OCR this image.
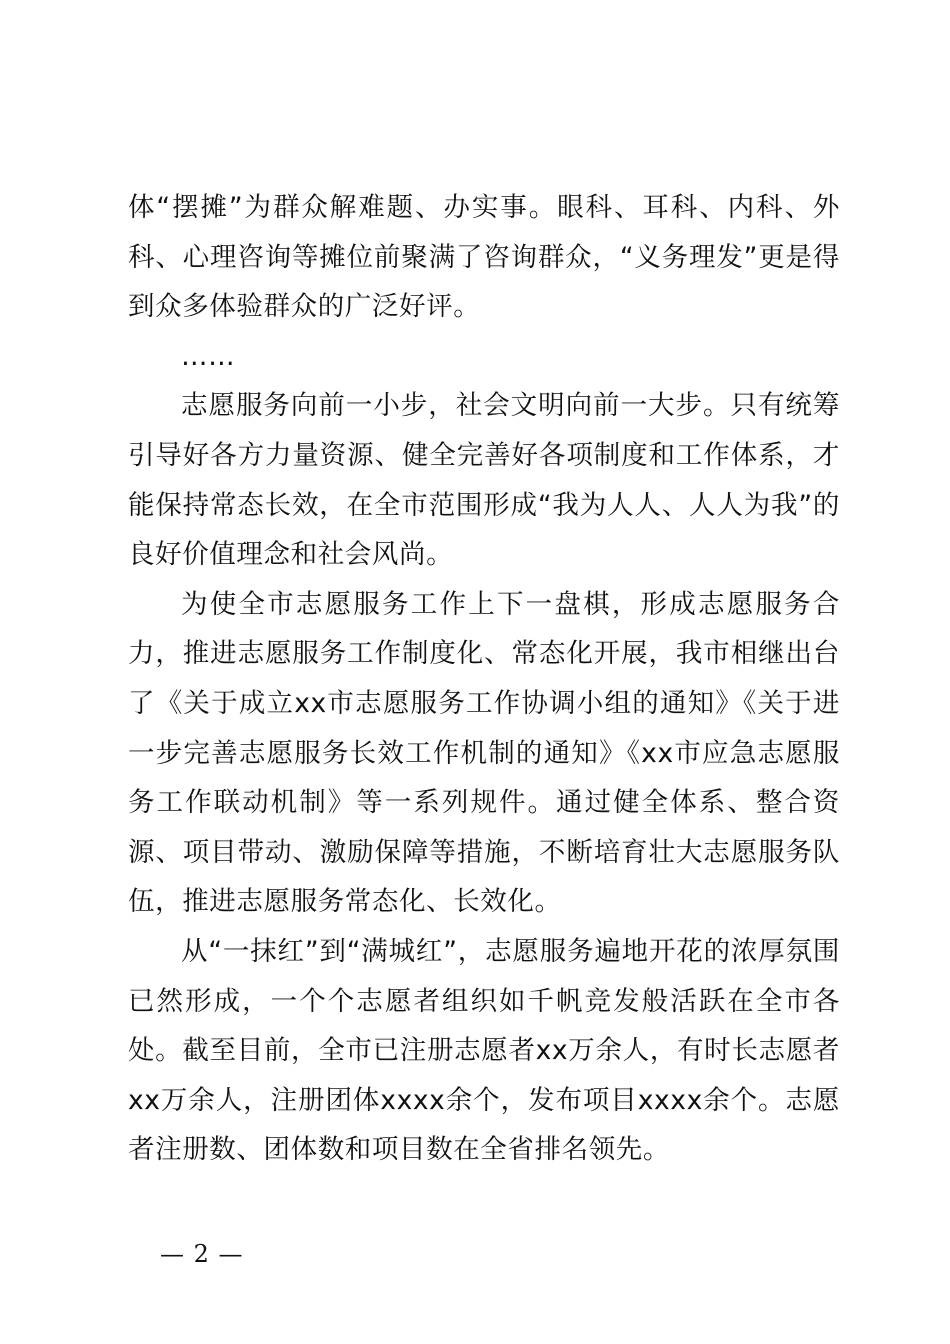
体“摆摊”为群众解难题、办实事。眼科、耳科、内科、外科、心理咨询等摊位前聚满了咨询群众，“义务理发”更是得到众多体验群众的广泛好评。

……

志愿服务向前一小步，社会文明向前一大步。只有统筹引导好各方力量资源、健全完善好各项制度和工作体系，才能保持常态长效，在全市范围形成“我为人人、人人为我”的良好价值理念和社会风尚。

为使全市志愿服务工作上下一盘棋，形成志愿服务合力，推进志愿服务工作制度化、常态化开展，我市相继出台了《关于成立xx市志愿服务工作协调小组的通知》《关于进一步完善志愿服务长效工作机制的通知》《xx市应急志愿服务工作联动机制》等一系列规件。通过健全体系、整合资源、项目带动、激励保障等措施，不断培育壮大志愿服务队伍，推进志愿服务常态化、长效化。

从“一抹红”到“满城红”，志愿服务遍地开花的浓厚氛围已然形成，一个个志愿者组织如千帆竞发般活跃在全市各处。截至目前，全市已注册志愿者xx万余人，有时长志愿者xx万余人，注册团体xxxx余个，发布项目xxxx余个。志愿者注册数、团体数和项目数在全省排名领先。

— 2 —
